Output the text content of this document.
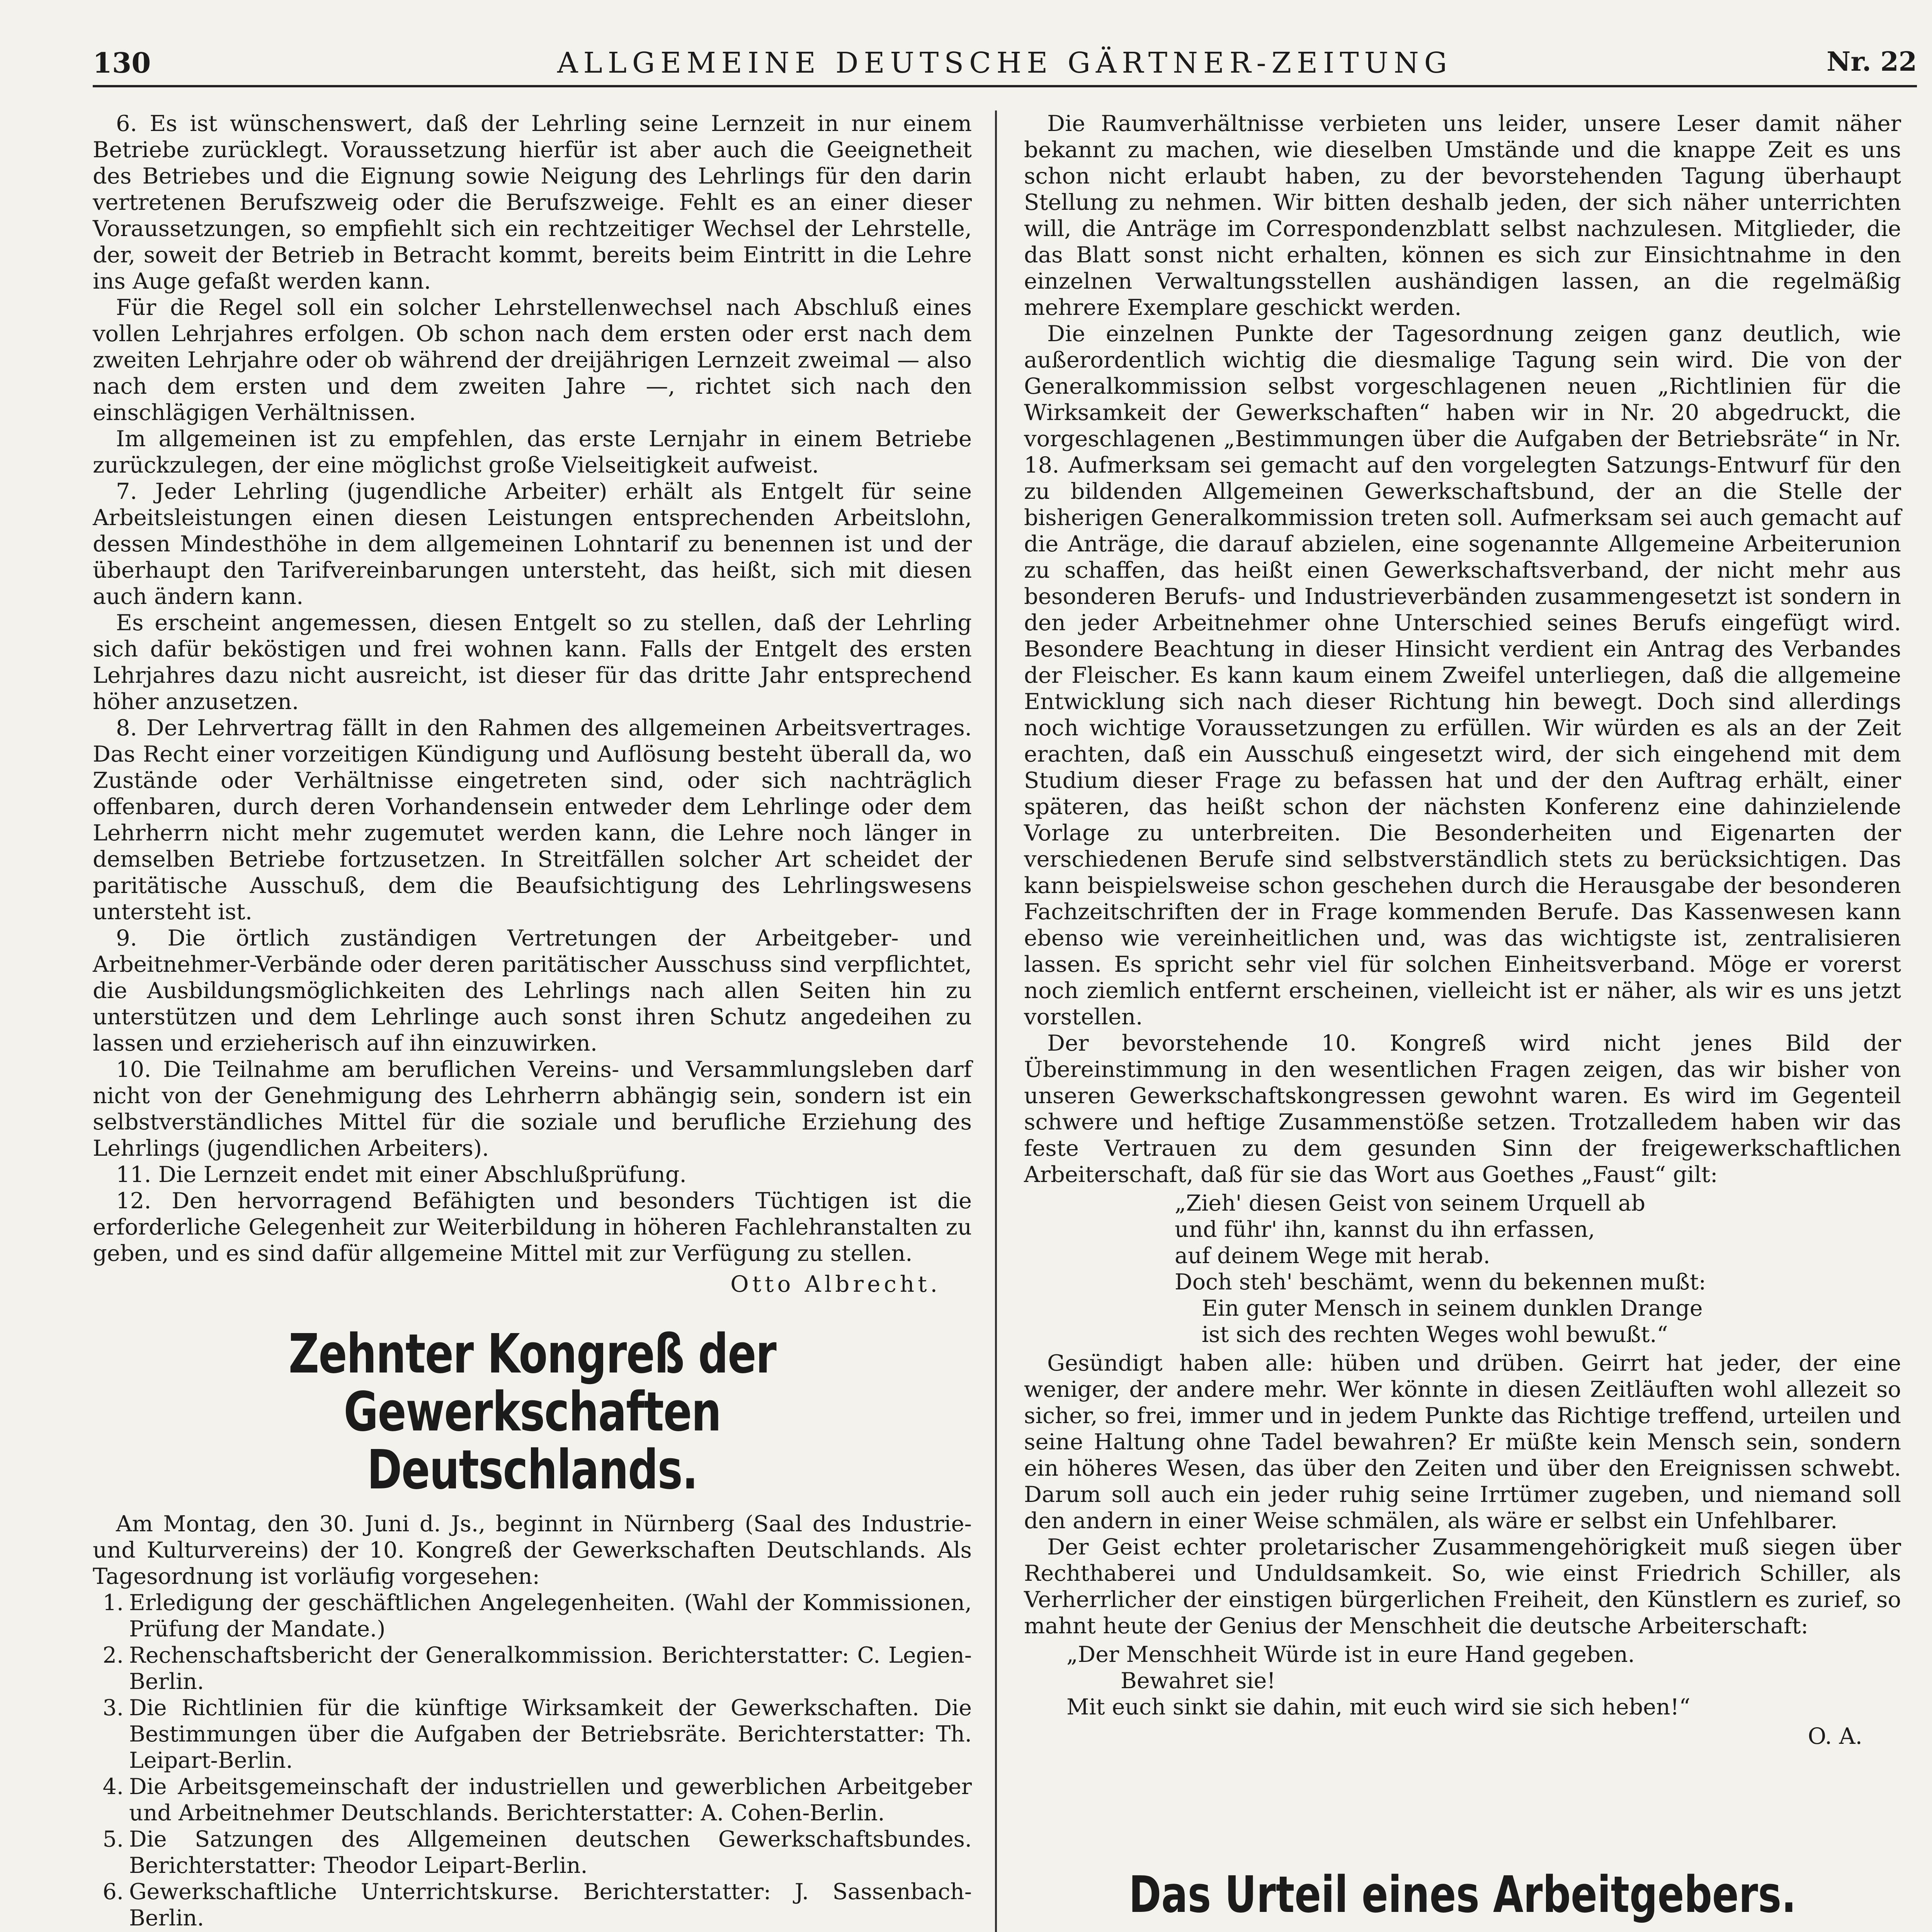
130	ALLGEMEINE DEUTSCHE GÄRTNER-ZEITUNG	Nr. 22

6. Es ist wünschenswert, daß der Lehrling seine Lernzeit in nur einem Betriebe zurücklegt. Voraussetzung hierfür ist aber auch die Geeignetheit des Betriebes und die Eignung sowie Neigung des Lehrlings für den darin vertretenen Berufszweig oder die Berufszweige. Fehlt es an einer dieser Voraussetzungen, so empfiehlt sich ein rechtzeitiger Wechsel der Lehrstelle, der, soweit der Betrieb in Betracht kommt, bereits beim Eintritt in die Lehre ins Auge gefaßt werden kann.

Für die Regel soll ein solcher Lehrstellenwechsel nach Abschluß eines vollen Lehrjahres erfolgen. Ob schon nach dem ersten oder erst nach dem zweiten Lehrjahre oder ob während der dreijährigen Lernzeit zweimal — also nach dem ersten und dem zweiten Jahre —, richtet sich nach den einschlägigen Verhältnissen.

Im allgemeinen ist zu empfehlen, das erste Lernjahr in einem Betriebe zurückzulegen, der eine möglichst große Vielseitigkeit aufweist.

7. Jeder Lehrling (jugendliche Arbeiter) erhält als Entgelt für seine Arbeitsleistungen einen diesen Leistungen entsprechenden Arbeitslohn, dessen Mindesthöhe in dem allgemeinen Lohntarif zu benennen ist und der überhaupt den Tarifvereinbarungen untersteht, das heißt, sich mit diesen auch ändern kann.

Es erscheint angemessen, diesen Entgelt so zu stellen, daß der Lehrling sich dafür beköstigen und frei wohnen kann. Falls der Entgelt des ersten Lehrjahres dazu nicht ausreicht, ist dieser für das dritte Jahr entsprechend höher anzusetzen.

8. Der Lehrvertrag fällt in den Rahmen des allgemeinen Arbeitsvertrages. Das Recht einer vorzeitigen Kündigung und Auflösung besteht überall da, wo Zustände oder Verhältnisse eingetreten sind, oder sich nachträglich offenbaren, durch deren Vorhandensein entweder dem Lehrlinge oder dem Lehrherrn nicht mehr zugemutet werden kann, die Lehre noch länger in demselben Betriebe fortzusetzen. In Streitfällen solcher Art scheidet der paritätische Ausschuß, dem die Beaufsichtigung des Lehrlingswesens untersteht ist.

9. Die örtlich zuständigen Vertretungen der Arbeitgeber- und Arbeitnehmer-Verbände oder deren paritätischer Ausschuss sind verpflichtet, die Ausbildungsmöglichkeiten des Lehrlings nach allen Seiten hin zu unterstützen und dem Lehrlinge auch sonst ihren Schutz angedeihen zu lassen und erzieherisch auf ihn einzuwirken.

10. Die Teilnahme am beruflichen Vereins- und Versammlungsleben darf nicht von der Genehmigung des Lehrherrn abhängig sein, sondern ist ein selbstverständliches Mittel für die soziale und berufliche Erziehung des Lehrlings (jugendlichen Arbeiters).

11. Die Lernzeit endet mit einer Abschlußprüfung.

12. Den hervorragend Befähigten und besonders Tüchtigen ist die erforderliche Gelegenheit zur Weiterbildung in höheren Fachlehranstalten zu geben, und es sind dafür allgemeine Mittel mit zur Verfügung zu stellen.

Otto Albrecht.
Zehnter Kongreß der Gewerkschaften Deutschlands.

Am Montag, den 30. Juni d. Js., beginnt in Nürnberg (Saal des Industrie- und Kulturvereins) der 10. Kongreß der Gewerkschaften Deutschlands. Als Tagesordnung ist vorläufig vorgesehen:

1. Erledigung der geschäftlichen Angelegenheiten. (Wahl der Kommissionen, Prüfung der Mandate.)
2. Rechenschaftsbericht der Generalkommission. Berichterstatter: C. Legien-Berlin.
3. Die Richtlinien für die künftige Wirksamkeit der Gewerkschaften. Die Bestimmungen über die Aufgaben der Betriebsräte. Berichterstatter: Th. Leipart-Berlin.
4. Die Arbeitsgemeinschaft der industriellen und gewerblichen Arbeitgeber und Arbeitnehmer Deutschlands. Berichterstatter: A. Cohen-Berlin.
5. Die Satzungen des Allgemeinen deutschen Gewerkschaftsbundes. Berichterstatter: Theodor Leipart-Berlin.
6. Gewerkschaftliche Unterrichtskurse. Berichterstatter: J. Sassenbach-Berlin.

Die Raumverhältnisse verbieten uns leider, unsere Leser damit näher bekannt zu machen, wie dieselben Umstände und die knappe Zeit es uns schon nicht erlaubt haben, zu der bevorstehenden Tagung überhaupt Stellung zu nehmen. Wir bitten deshalb jeden, der sich näher unterrichten will, die Anträge im Correspondenzblatt selbst nachzulesen. Mitglieder, die das Blatt sonst nicht erhalten, können es sich zur Einsichtnahme in den einzelnen Verwaltungsstellen aushändigen lassen, an die regelmäßig mehrere Exemplare geschickt werden.

Die einzelnen Punkte der Tagesordnung zeigen ganz deutlich, wie außerordentlich wichtig die diesmalige Tagung sein wird. Die von der Generalkommission selbst vorgeschlagenen neuen „Richtlinien für die Wirksamkeit der Gewerkschaften“ haben wir in Nr. 20 abgedruckt, die vorgeschlagenen „Bestimmungen über die Aufgaben der Betriebsräte“ in Nr. 18. Aufmerksam sei gemacht auf den vorgelegten Satzungs-Entwurf für den zu bildenden Allgemeinen Gewerkschaftsbund, der an die Stelle der bisherigen Generalkommission treten soll. Aufmerksam sei auch gemacht auf die Anträge, die darauf abzielen, eine sogenannte Allgemeine Arbeiterunion zu schaffen, das heißt einen Gewerkschaftsverband, der nicht mehr aus besonderen Berufs- und Industrieverbänden zusammengesetzt ist sondern in den jeder Arbeitnehmer ohne Unterschied seines Berufs eingefügt wird. Besondere Beachtung in dieser Hinsicht verdient ein Antrag des Verbandes der Fleischer. Es kann kaum einem Zweifel unterliegen, daß die allgemeine Entwicklung sich nach dieser Richtung hin bewegt. Doch sind allerdings noch wichtige Voraussetzungen zu erfüllen. Wir würden es als an der Zeit erachten, daß ein Ausschuß eingesetzt wird, der sich eingehend mit dem Studium dieser Frage zu befassen hat und der den Auftrag erhält, einer späteren, das heißt schon der nächsten Konferenz eine dahinzielende Vorlage zu unterbreiten. Die Besonderheiten und Eigenarten der verschiedenen Berufe sind selbstverständlich stets zu berücksichtigen. Das kann beispielsweise schon geschehen durch die Herausgabe der besonderen Fachzeitschriften der in Frage kommenden Berufe. Das Kassenwesen kann ebenso wie vereinheitlichen und, was das wichtigste ist, zentralisieren lassen. Es spricht sehr viel für solchen Einheitsverband. Möge er vorerst noch ziemlich entfernt erscheinen, vielleicht ist er näher, als wir es uns jetzt vorstellen.

Der bevorstehende 10. Kongreß wird nicht jenes Bild der Übereinstimmung in den wesentlichen Fragen zeigen, das wir bisher von unseren Gewerkschaftskongressen gewohnt waren. Es wird im Gegenteil schwere und heftige Zusammenstöße setzen. Trotzalledem haben wir das feste Vertrauen zu dem gesunden Sinn der freigewerkschaftlichen Arbeiterschaft, daß für sie das Wort aus Goethes „Faust“ gilt:

„Zieh' diesen Geist von seinem Urquell ab
und führ' ihn, kannst du ihn erfassen,
auf deinem Wege mit herab.
Doch steh' beschämt, wenn du bekennen mußt:
Ein guter Mensch in seinem dunklen Drange
ist sich des rechten Weges wohl bewußt.“

Gesündigt haben alle: hüben und drüben. Geirrt hat jeder, der eine weniger, der andere mehr. Wer könnte in diesen Zeitläuften wohl allezeit so sicher, so frei, immer und in jedem Punkte das Richtige treffend, urteilen und seine Haltung ohne Tadel bewahren? Er müßte kein Mensch sein, sondern ein höheres Wesen, das über den Zeiten und über den Ereignissen schwebt. Darum soll auch ein jeder ruhig seine Irrtümer zugeben, und niemand soll den andern in einer Weise schmälen, als wäre er selbst ein Unfehlbarer.

Der Geist echter proletarischer Zusammengehörigkeit muß siegen über Rechthaberei und Unduldsamkeit. So, wie einst Friedrich Schiller, als Verherrlicher der einstigen bürgerlichen Freiheit, den Künstlern es zurief, so mahnt heute der Genius der Menschheit die deutsche Arbeiterschaft:

„Der Menschheit Würde ist in eure Hand gegeben.
Bewahret sie!
Mit euch sinkt sie dahin, mit euch wird sie sich heben!“
O. A.
Das Urteil eines Arbeitgebers.
